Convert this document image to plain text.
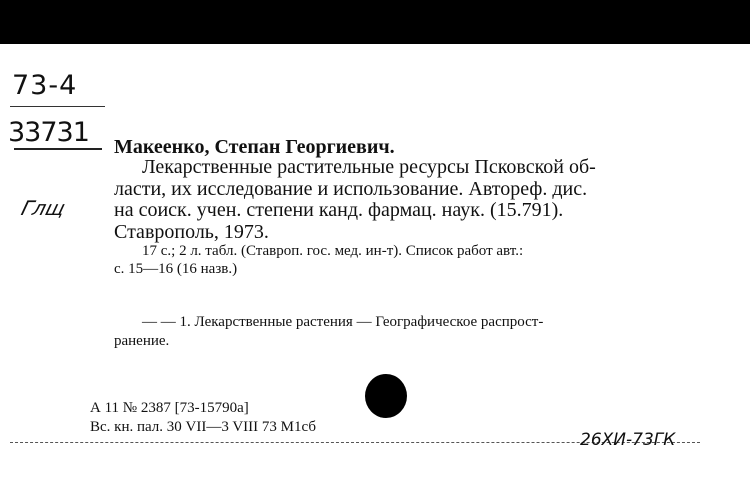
73-4
33731
Глщ
Макеенко, Степан Георгиевич.
Лекарственные растительные ресурсы Псковской об-
ласти, их исследование и использование. Автореф. дис.
на соиск. учен. степени канд. фармац. наук. (15.791).
Ставрополь, 1973.
17 с.; 2 л. табл. (Ставроп. гос. мед. ин-т). Список работ авт.:
с. 15—16 (16 назв.)
— — 1. Лекарственные растения — Географическое распрост-
ранение.
А 11 № 2387 [73-15790а]
Вс. кн. пал. 30 VII—3 VIII 73 М1сб
26ХИ-73ГК
